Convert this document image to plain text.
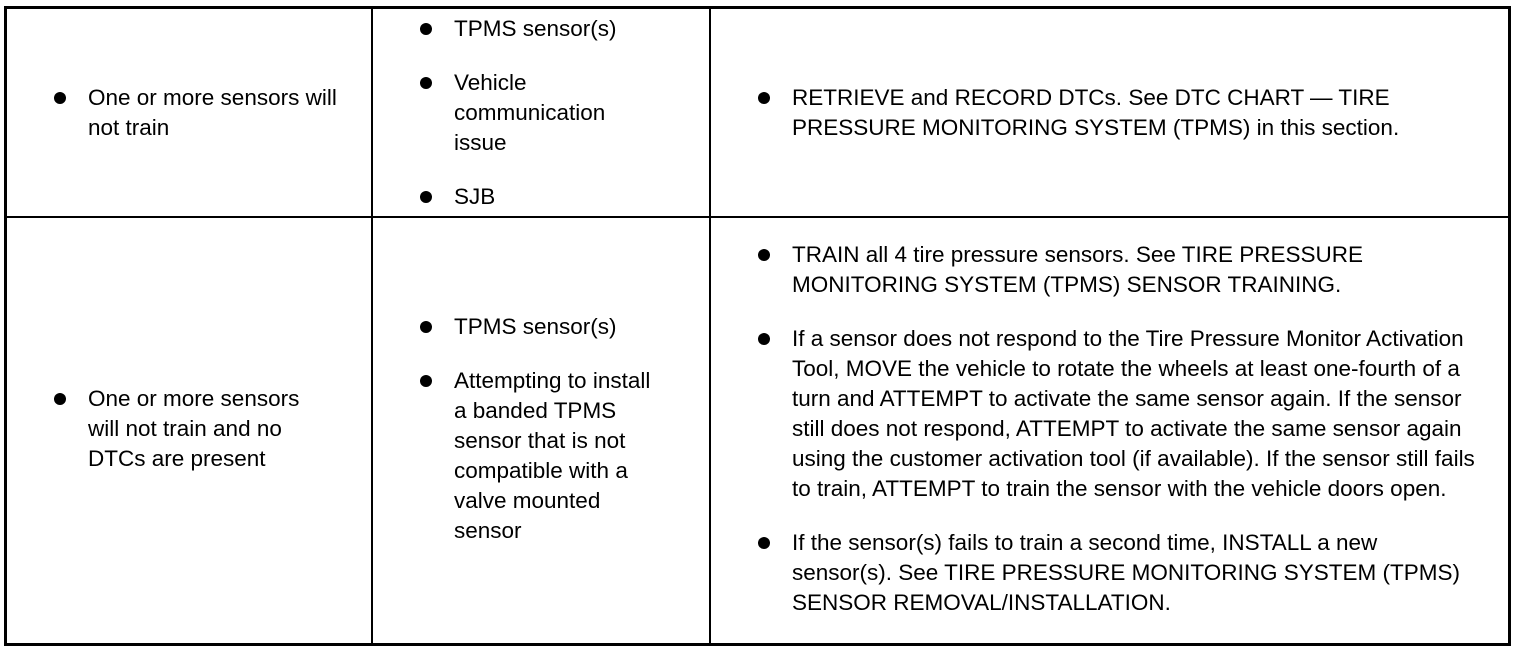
One or more sensors will not train
TPMS sensor(s)
Vehicle communication issue
SJB
RETRIEVE and RECORD DTCs. See DTC CHART — TIRE PRESSURE MONITORING SYSTEM (TPMS) in this section.
One or more sensors will not train and no DTCs are present
TPMS sensor(s)
Attempting to install a banded TPMS sensor that is not compatible with a valve mounted sensor
TRAIN all 4 tire pressure sensors. See TIRE PRESSURE MONITORING SYSTEM (TPMS) SENSOR TRAINING.
If a sensor does not respond to the Tire Pressure Monitor Activation Tool, MOVE the vehicle to rotate the wheels at least one-fourth of a turn and ATTEMPT to activate the same sensor again. If the sensor still does not respond, ATTEMPT to activate the same sensor again using the customer activation tool (if available). If the sensor still fails to train, ATTEMPT to train the sensor with the vehicle doors open.
If the sensor(s) fails to train a second time, INSTALL a new sensor(s). See TIRE PRESSURE MONITORING SYSTEM (TPMS) SENSOR REMOVAL/INSTALLATION.
